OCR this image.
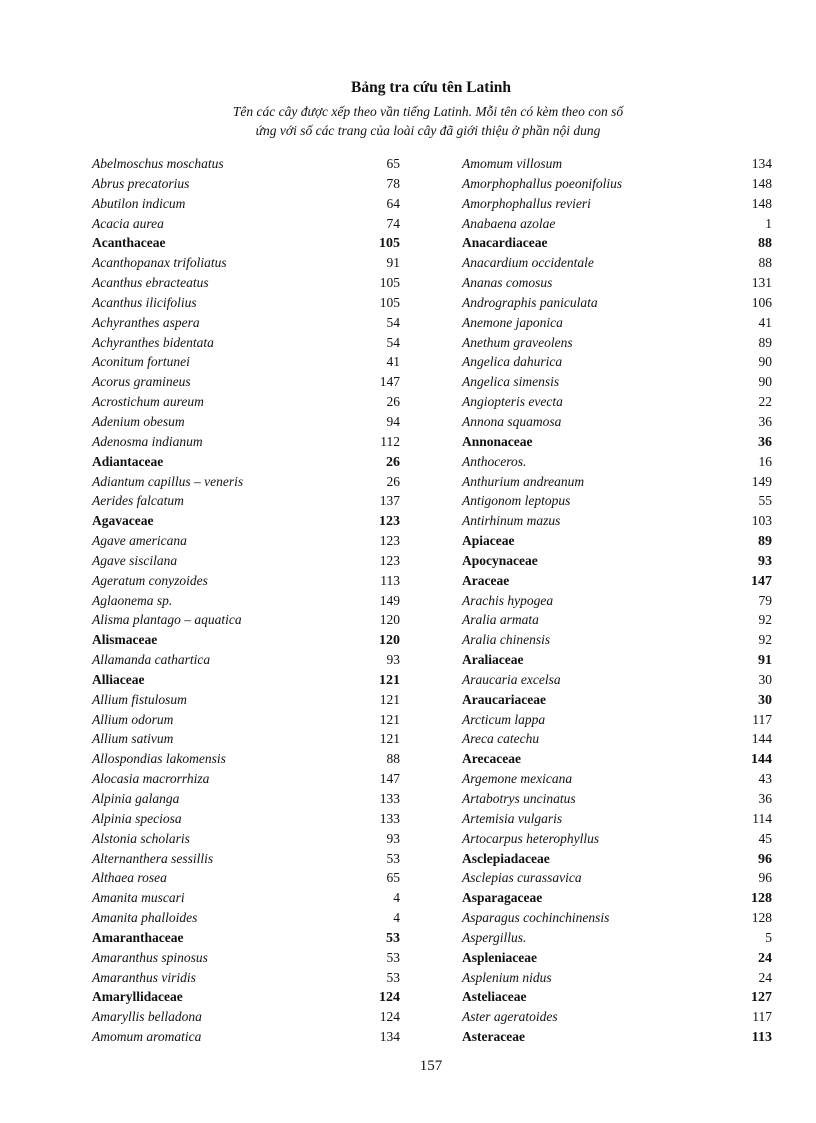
Bảng tra cứu tên Latinh
Tên các cây được xếp theo vần tiếng Latinh. Mỗi tên có kèm theo con số
ứng với số các trang của loài cây đã giới thiệu ở phần nội dung
Abelmoschus moschatus	65
Abrus precatorius	78
Abutilon indicum	64
Acacia aurea	74
Acanthaceae	105
Acanthopanax trifoliatus	91
Acanthus ebracteatus	105
Acanthus ilicifolius	105
Achyranthes aspera	54
Achyranthes bidentata	54
Aconitum fortunei	41
Acorus gramineus	147
Acrostichum aureum	26
Adenium obesum	94
Adenosma indianum	112
Adiantaceae	26
Adiantum capillus – veneris	26
Aerides falcatum	137
Agavaceae	123
Agave americana	123
Agave siscilana	123
Ageratum conyzoides	113
Aglaonema sp.	149
Alisma plantago – aquatica	120
Alismaceae	120
Allamanda cathartica	93
Alliaceae	121
Allium fistulosum	121
Allium odorum	121
Allium sativum	121
Allospondias lakomensis	88
Alocasia macrorrhiza	147
Alpinia galanga	133
Alpinia speciosa	133
Alstonia scholaris	93
Alternanthera sessillis	53
Althaea rosea	65
Amanita muscari	4
Amanita phalloides	4
Amaranthaceae	53
Amaranthus spinosus	53
Amaranthus viridis	53
Amaryllidaceae	124
Amaryllis belladona	124
Amomum aromatica	134
Amomum villosum	134
Amorphophallus poeonifolius	148
Amorphophallus revieri	148
Anabaena azolae	1
Anacardiaceae	88
Anacardium occidentale	88
Ananas comosus	131
Andrographis paniculata	106
Anemone japonica	41
Anethum graveolens	89
Angelica dahurica	90
Angelica simensis	90
Angiopteris evecta	22
Annona squamosa	36
Annonaceae	36
Anthoceros.	16
Anthurium andreanum	149
Antigonom leptopus	55
Antirhinum mazus	103
Apiaceae	89
Apocynaceae	93
Araceae	147
Arachis hypogea	79
Aralia armata	92
Aralia chinensis	92
Araliaceae	91
Araucaria excelsa	30
Araucariaceae	30
Arcticum lappa	117
Areca catechu	144
Arecaceae	144
Argemone mexicana	43
Artabotrys uncinatus	36
Artemisia vulgaris	114
Artocarpus heterophyllus	45
Asclepiadaceae	96
Asclepias curassavica	96
Asparagaceae	128
Asparagus cochinchinensis	128
Aspergillus.	5
Aspleniaceae	24
Asplenium nidus	24
Asteliaceae	127
Aster ageratoides	117
Asteraceae	113
157
